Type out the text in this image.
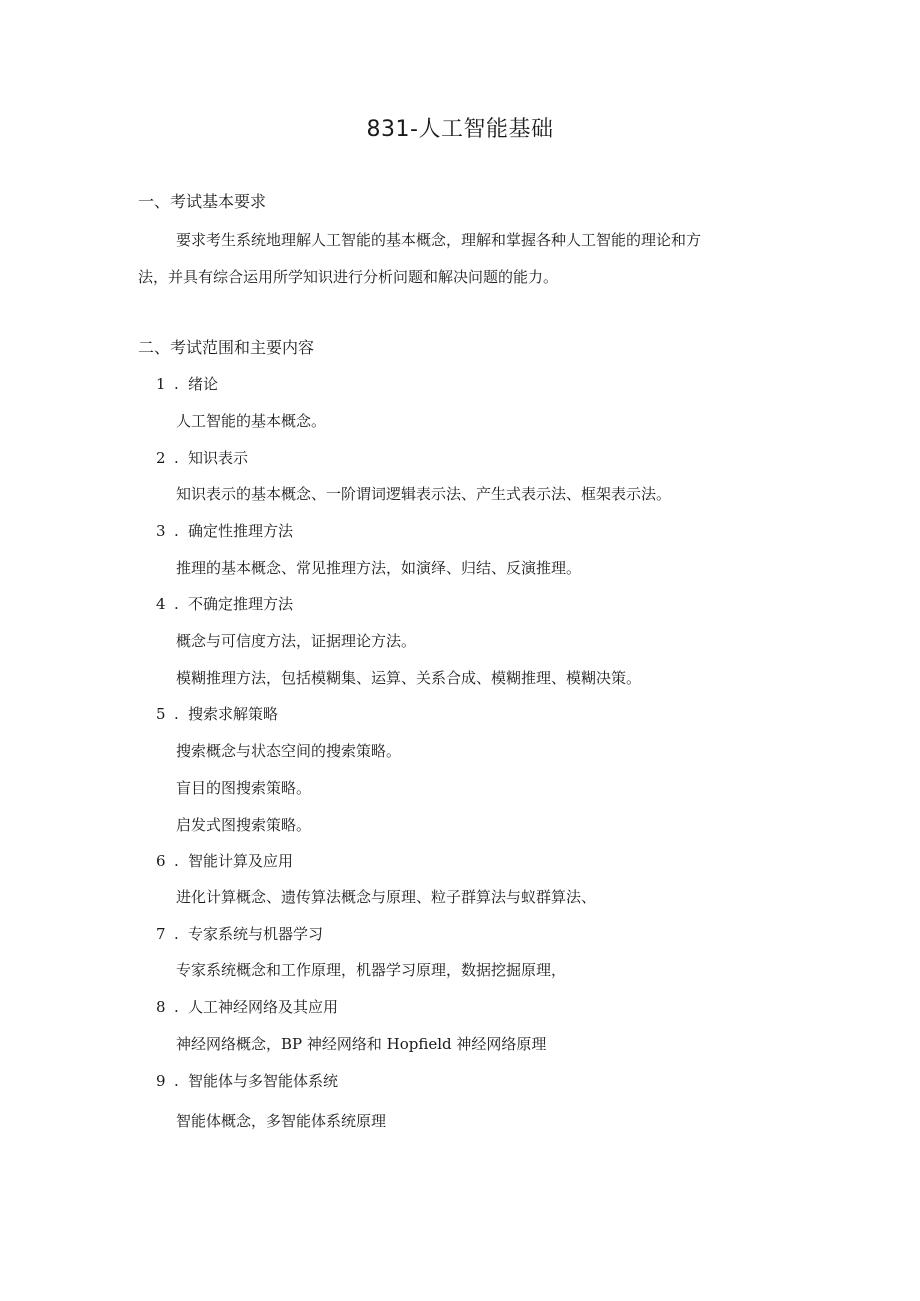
831-人工智能基础
一、考试基本要求
要求考生系统地理解人工智能的基本概念，理解和掌握各种人工智能的理论和方
法，并具有综合运用所学知识进行分析问题和解决问题的能力。
二、考试范围和主要内容
1 . 绪论
人工智能的基本概念。
2 . 知识表示
知识表示的基本概念、一阶谓词逻辑表示法、产生式表示法、框架表示法。
3 . 确定性推理方法
推理的基本概念、常见推理方法，如演绎、归结、反演推理。
4 . 不确定推理方法
概念与可信度方法，证据理论方法。
模糊推理方法，包括模糊集、运算、关系合成、模糊推理、模糊决策。
5 . 搜索求解策略
搜索概念与状态空间的搜索策略。
盲目的图搜索策略。
启发式图搜索策略。
6 . 智能计算及应用
进化计算概念、遗传算法概念与原理、粒子群算法与蚁群算法、
7 . 专家系统与机器学习
专家系统概念和工作原理，机器学习原理，数据挖掘原理，
8 . 人工神经网络及其应用
神经网络概念，BP 神经网络和 Hopfield 神经网络原理
9 . 智能体与多智能体系统
智能体概念，多智能体系统原理
